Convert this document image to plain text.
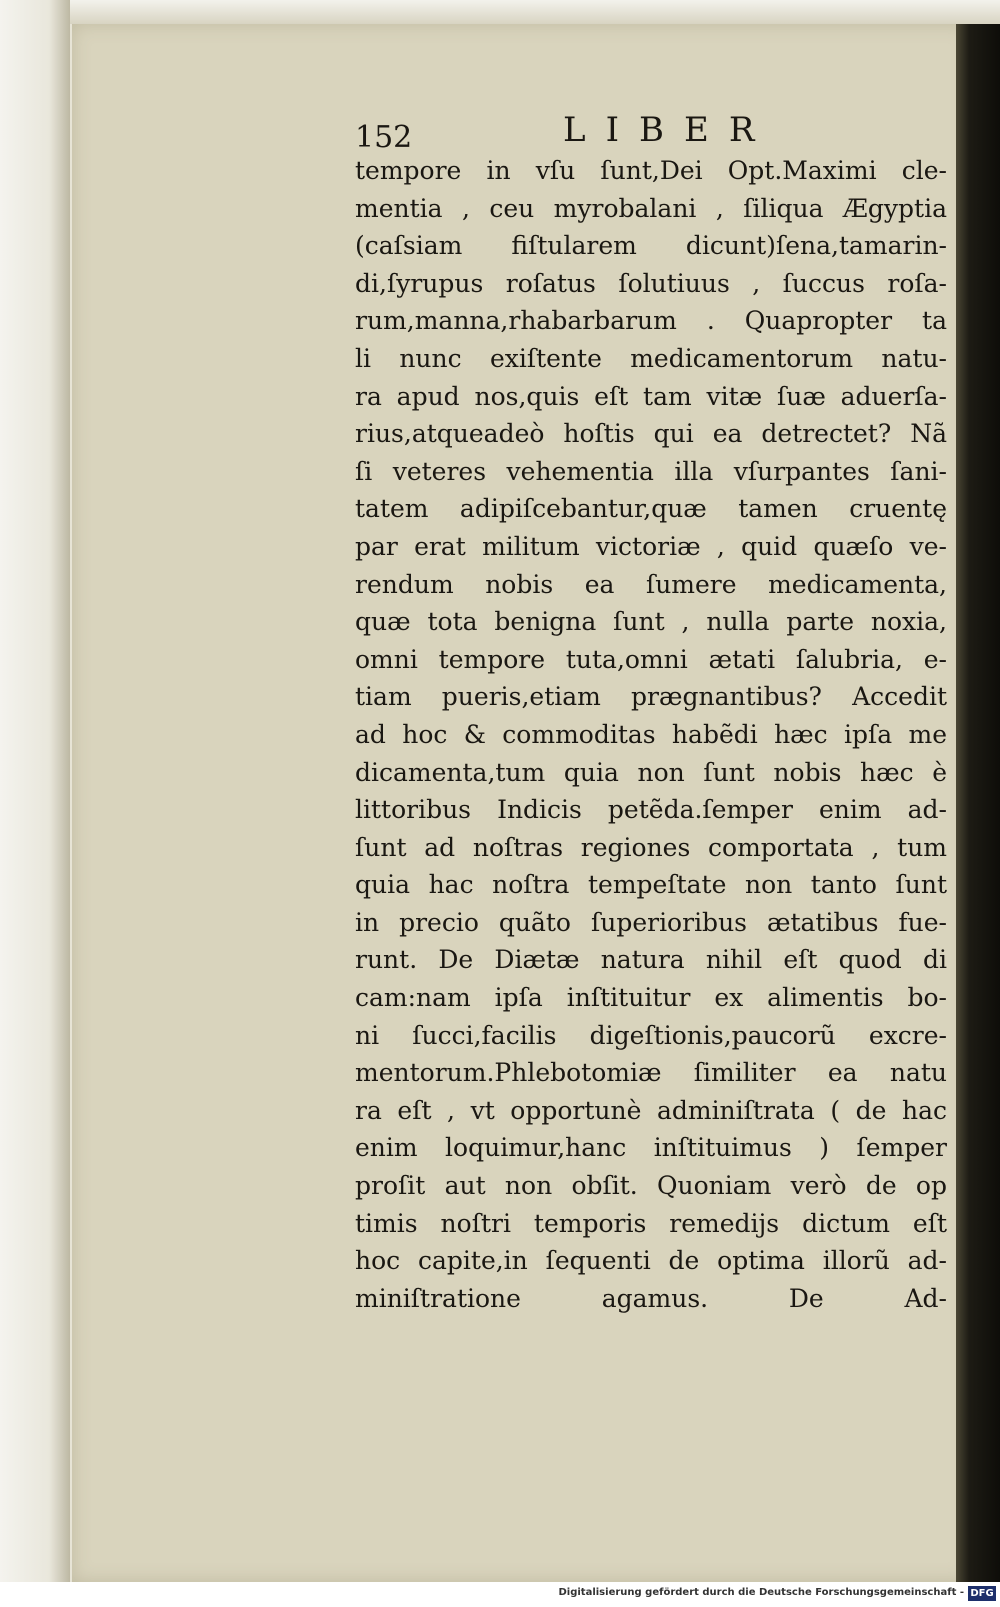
152	LIBER
tempore in vſu ſunt,Dei Opt.Maximi cle-
mentia , ceu myrobalani , ſiliqua Ægyptia
(caſsiam fiſtularem dicunt)ſena,tamarin-
di,ſyrupus roſatus ſolutiuus , ſuccus roſa-
rum,manna,rhabarbarum . Quapropter ta
li nunc exiſtente medicamentorum natu-
ra apud nos,quis eſt tam vitæ ſuæ aduerſa-
rius,atqueadeò hoſtis qui ea detrectet? Nã
ſi veteres vehementia illa vſurpantes ſani-
tatem adipiſcebantur,quæ tamen cruentę
par erat militum victoriæ , quid quæſo ve-
rendum nobis ea ſumere medicamenta,
quæ tota benigna ſunt , nulla parte noxia,
omni tempore tuta,omni ætati ſalubria, e-
tiam pueris,etiam prægnantibus? Accedit
ad hoc & commoditas habẽdi hæc ipſa me
dicamenta,tum quia non ſunt nobis hæc è
littoribus Indicis petẽda.ſemper enim ad-
ſunt ad noſtras regiones comportata , tum
quia hac noſtra tempeſtate non tanto ſunt
in precio quãto ſuperioribus ætatibus fue-
runt. De Diætæ natura nihil eſt quod di
cam:nam ipſa inſtituitur ex alimentis bo-
ni ſucci,facilis digeſtionis,paucorũ excre-
mentorum.Phlebotomiæ ſimiliter ea natu
ra eſt , vt opportunè adminiſtrata ( de hac
enim loquimur,hanc inſtituimus ) ſemper
proſit aut non obſit. Quoniam verò de op
timis noſtri temporis remedijs dictum eſt
hoc capite,in ſequenti de optima illorũ ad-
miniſtratione agamus. De Ad-
Digitalisierung gefördert durch die Deutsche Forschungsgemeinschaft - DFG
